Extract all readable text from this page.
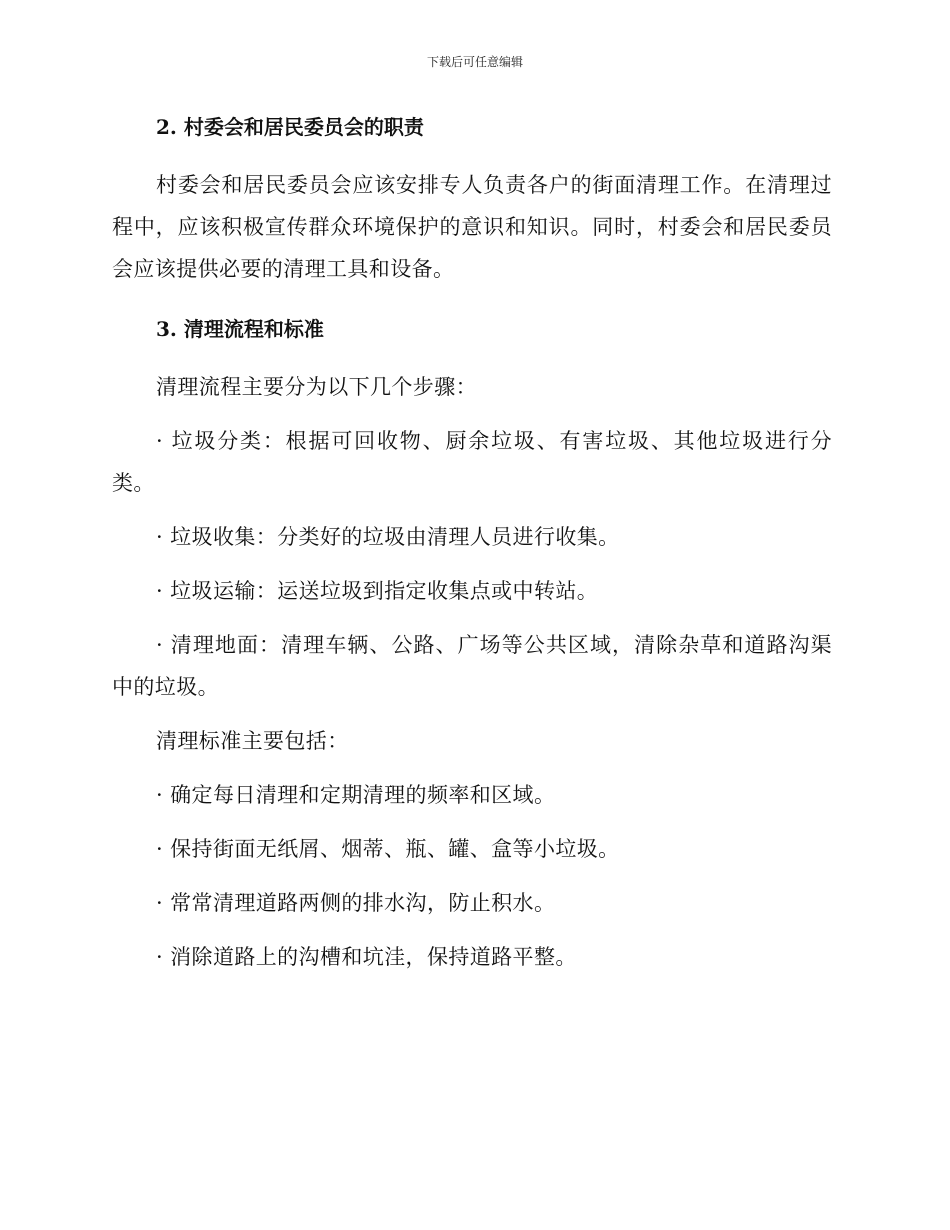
下载后可任意编辑
2. 村委会和居民委员会的职责

村委会和居民委员会应该安排专人负责各户的街面清理工作。在清理过程中，应该积极宣传群众环境保护的意识和知识。同时，村委会和居民委员会应该提供必要的清理工具和设备。

3. 清理流程和标准

清理流程主要分为以下几个步骤：

· 垃圾分类：根据可回收物、厨余垃圾、有害垃圾、其他垃圾进行分类。

· 垃圾收集：分类好的垃圾由清理人员进行收集。

· 垃圾运输：运送垃圾到指定收集点或中转站。

· 清理地面：清理车辆、公路、广场等公共区域，清除杂草和道路沟渠中的垃圾。

清理标准主要包括：

· 确定每日清理和定期清理的频率和区域。

· 保持街面无纸屑、烟蒂、瓶、罐、盒等小垃圾。

· 常常清理道路两侧的排水沟，防止积水。

· 消除道路上的沟槽和坑洼，保持道路平整。
